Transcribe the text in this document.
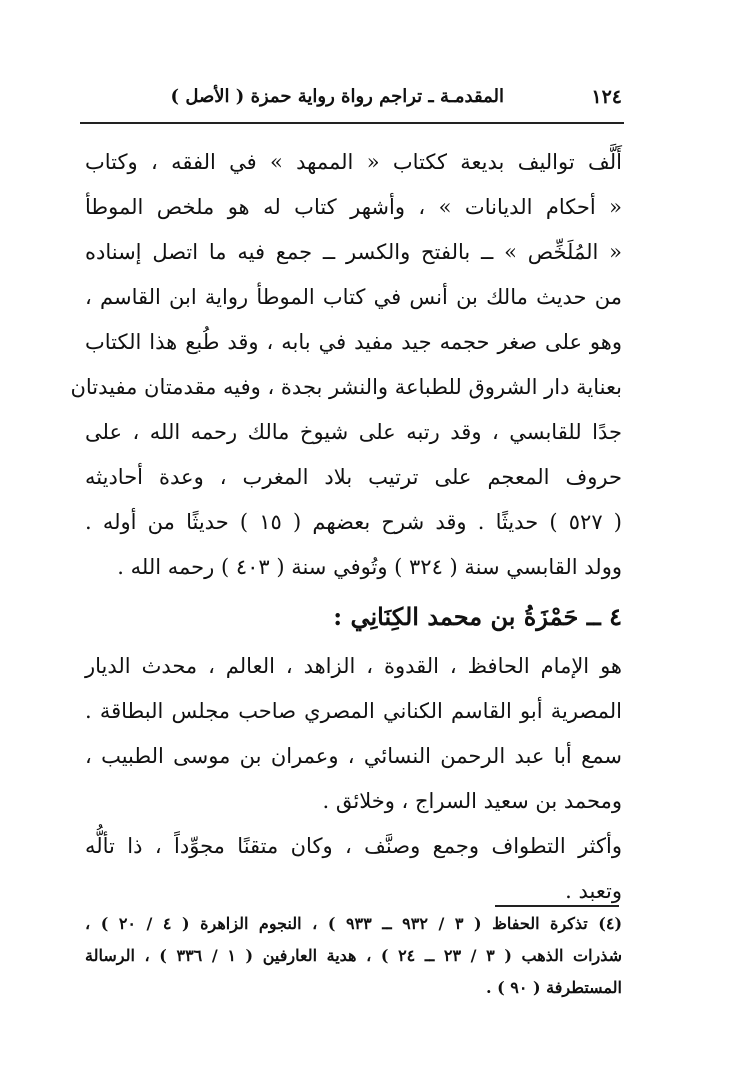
١٢٤
المقدمـة ـ تراجم رواة رواية حمزة ( الأصل )
أَلَّف تواليف بديعة ككتاب « الممهد » في الفقه ، وكتاب
« أحكام الديانات » ، وأشهر كتاب له هو ملخص الموطأ
« المُلَخِّص » ــ بالفتح والكسر ــ جمع فيه ما اتصل إسناده
من حديث مالك بن أنس في كتاب الموطأ رواية ابن القاسم ،
وهو على صغر حجمه جيد مفيد في بابه ، وقد طُبع هذا الكتاب
بعناية دار الشروق للطباعة والنشر بجدة ، وفيه مقدمتان مفيدتان
جدًا للقابسي ، وقد رتبه على شيوخ مالك رحمه الله ، على
حروف المعجم على ترتيب بلاد المغرب ، وعدة أحاديثه
( ٥٢٧ ) حديثًا . وقد شرح بعضهم ( ١٥ ) حديثًا من أوله .
وولد القابسي سنة ( ٣٢٤ ) وتُوفي سنة ( ٤٠٣ ) رحمه الله .
٤ ــ حَمْزَةُ بن محمد الكِنَانِي :
هو الإمام الحافظ ، القدوة ، الزاهد ، العالم ، محدث الديار
المصرية أبو القاسم الكناني المصري صاحب مجلس البطاقة .
سمع أبا عبد الرحمن النسائي ، وعمران بن موسى الطبيب ،
ومحمد بن سعيد السراج ، وخلائق .
وأكثر التطواف وجمع وصنَّف ، وكان متقنًا مجوِّداً ، ذا تألُّه
وتعبد .
(٤) تذكرة الحفاظ ( ٣ / ٩٣٢ ــ ٩٣٣ ) ، النجوم الزاهرة ( ٤ / ٢٠ ) ،
شذرات الذهب ( ٣ / ٢٣ ــ ٢٤ ) ، هدية العارفين ( ١ / ٣٣٦ ) ، الرسالة
المستطرفة ( ٩٠ ) .
